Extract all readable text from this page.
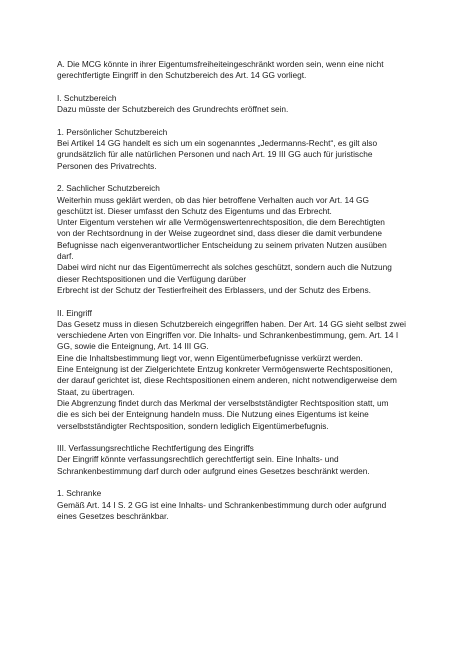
A. Die MCG könnte in ihrer Eigentumsfreiheiteingeschränkt worden sein, wenn eine nicht
gerechtfertigte Eingriff in den Schutzbereich des Art. 14 GG vorliegt.
I. Schutzbereich
Dazu müsste der Schutzbereich des Grundrechts eröffnet sein.
1. Persönlicher Schutzbereich
Bei Artikel 14 GG handelt es sich um ein sogenanntes „Jedermanns-Recht“, es gilt also
grundsätzlich für alle natürlichen Personen und nach Art. 19 III GG auch für juristische
Personen des Privatrechts.
2. Sachlicher Schutzbereich
Weiterhin muss geklärt werden, ob das hier betroffene Verhalten auch vor Art. 14 GG
geschützt ist. Dieser umfasst den Schutz des Eigentums und das Erbrecht.
Unter Eigentum verstehen wir alle Vermögenswertenrechtsposition, die dem Berechtigten
von der Rechtsordnung in der Weise zugeordnet sind, dass dieser die damit verbundene
Befugnisse nach eigenverantwortlicher Entscheidung zu seinem privaten Nutzen ausüben
darf.
Dabei wird nicht nur das Eigentümerrecht als solches geschützt, sondern auch die Nutzung
dieser Rechtspositionen und die Verfügung darüber
Erbrecht ist der Schutz der Testierfreiheit des Erblassers, und der Schutz des Erbens.
II. Eingriff
Das Gesetz muss in diesen Schutzbereich eingegriffen haben. Der Art. 14 GG sieht selbst zwei
verschiedene Arten von Eingriffen vor. Die Inhalts- und Schrankenbestimmung, gem. Art. 14 I
GG, sowie die Enteignung, Art. 14 III GG.
Eine die Inhaltsbestimmung liegt vor, wenn Eigentümerbefugnisse verkürzt werden.
Eine Enteignung ist der Zielgerichtete Entzug konkreter Vermögenswerte Rechtspositionen,
der darauf gerichtet ist, diese Rechtspositionen einem anderen, nicht notwendigerweise dem
Staat, zu übertragen.
Die Abgrenzung findet durch das Merkmal der verselbstständigter Rechtsposition statt, um
die es sich bei der Enteignung handeln muss. Die Nutzung eines Eigentums ist keine
verselbstständigter Rechtsposition, sondern lediglich Eigentümerbefugnis.
III. Verfassungsrechtliche Rechtfertigung des Eingriffs
Der Eingriff könnte verfassungsrechtlich gerechtfertigt sein. Eine Inhalts- und
Schrankenbestimmung darf durch oder aufgrund eines Gesetzes beschränkt werden.
1. Schranke
Gemäß Art. 14 I S. 2 GG ist eine Inhalts- und Schrankenbestimmung durch oder aufgrund
eines Gesetzes beschränkbar.
